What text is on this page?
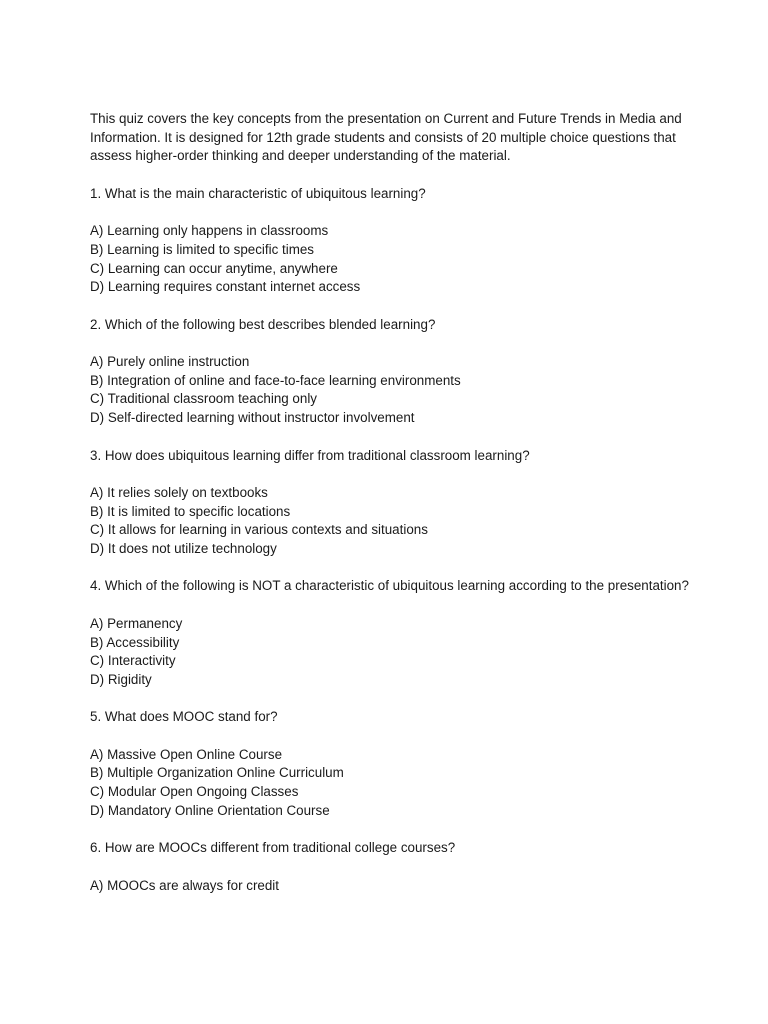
This quiz covers the key concepts from the presentation on Current and Future Trends in Media and Information. It is designed for 12th grade students and consists of 20 multiple choice questions that assess higher-order thinking and deeper understanding of the material.

1. What is the main characteristic of ubiquitous learning?

A) Learning only happens in classrooms
B) Learning is limited to specific times
C) Learning can occur anytime, anywhere
D) Learning requires constant internet access

2. Which of the following best describes blended learning?

A) Purely online instruction
B) Integration of online and face-to-face learning environments
C) Traditional classroom teaching only
D) Self-directed learning without instructor involvement

3. How does ubiquitous learning differ from traditional classroom learning?

A) It relies solely on textbooks
B) It is limited to specific locations
C) It allows for learning in various contexts and situations
D) It does not utilize technology

4. Which of the following is NOT a characteristic of ubiquitous learning according to the presentation?

A) Permanency
B) Accessibility
C) Interactivity
D) Rigidity

5. What does MOOC stand for?

A) Massive Open Online Course
B) Multiple Organization Online Curriculum
C) Modular Open Ongoing Classes
D) Mandatory Online Orientation Course

6. How are MOOCs different from traditional college courses?

A) MOOCs are always for credit
